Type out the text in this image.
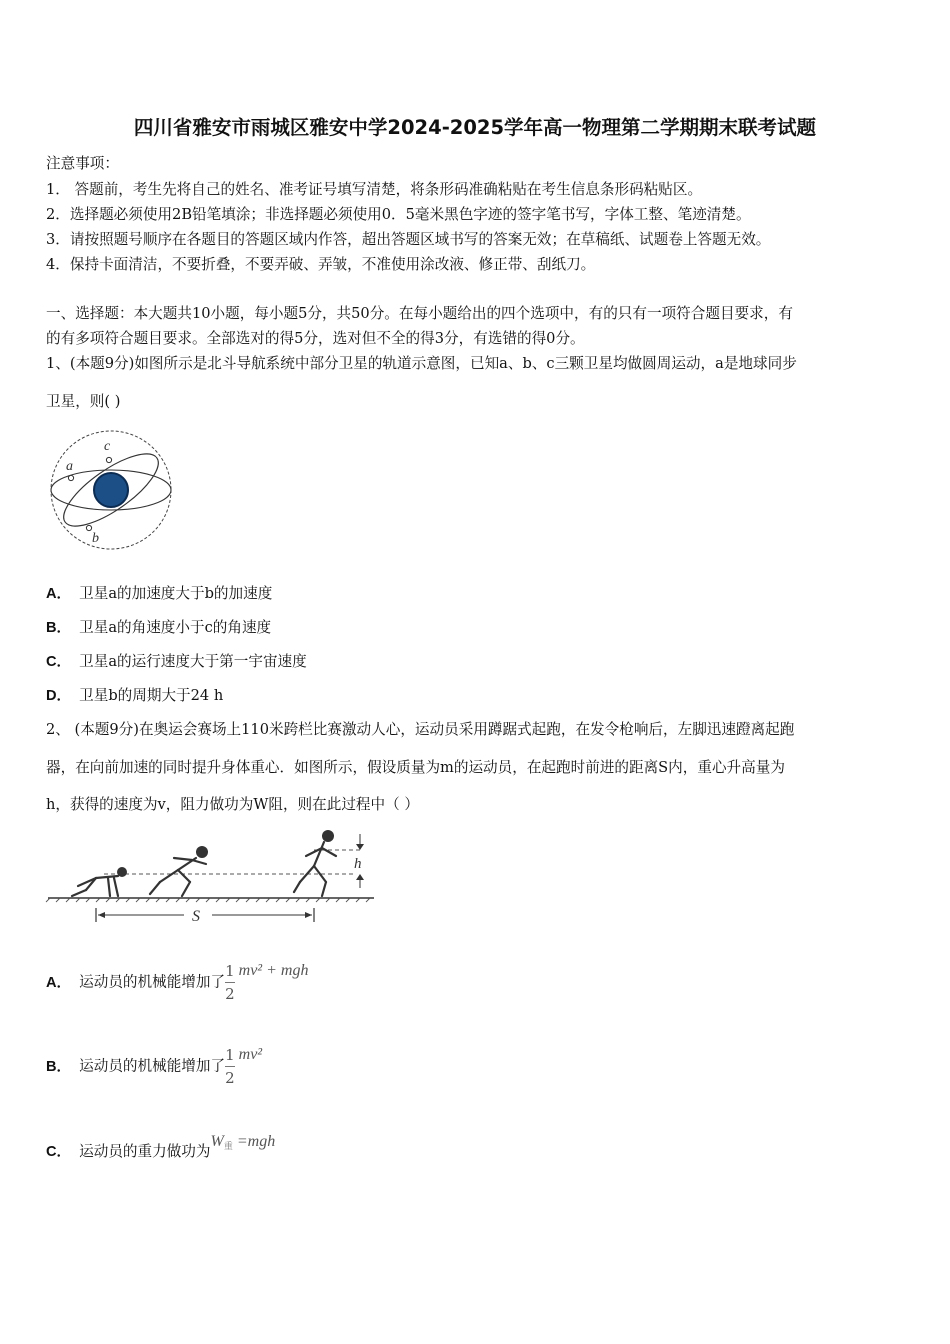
四川省雅安市雨城区雅安中学2024-2025学年高一物理第二学期期末联考试题
注意事项：
1． 答题前，考生先将自己的姓名、准考证号填写清楚，将条形码准确粘贴在考生信息条形码粘贴区。
2．选择题必须使用2B铅笔填涂；非选择题必须使用0．5毫米黑色字迹的签字笔书写，字体工整、笔迹清楚。
3．请按照题号顺序在各题目的答题区域内作答，超出答题区域书写的答案无效；在草稿纸、试题卷上答题无效。
4．保持卡面清洁，不要折叠，不要弄破、弄皱，不准使用涂改液、修正带、刮纸刀。
一、选择题：本大题共10小题，每小题5分，共50分。在每小题给出的四个选项中，有的只有一项符合题目要求，有
的有多项符合题目要求。全部选对的得5分，选对但不全的得3分，有选错的得0分。
1、(本题9分)如图所示是北斗导航系统中部分卫星的轨道示意图，已知a、b、c三颗卫星均做圆周运动，a是地球同步
卫星，则( )
a
b
c
A． 卫星a的加速度大于b的加速度
B． 卫星a的角速度小于c的角速度
C． 卫星a的运行速度大于第一宇宙速度
D． 卫星b的周期大于24 h
2、 (本题9分)在奥运会赛场上110米跨栏比赛激动人心，运动员采用蹲踞式起跑，在发令枪响后，左脚迅速蹬离起跑
器，在向前加速的同时提升身体重心．如图所示，假设质量为m的运动员，在起跑时前进的距离S内，重心升高量为
h，获得的速度为v，阻力做功为W阻，则在此过程中（ ）
h
S
A． 运动员的机械能增加了 $\frac{1}{2} mv^2$ + mgh
B． 运动员的机械能增加了 $\frac{1}{2} mv^2$
C． 运动员的重力做功为$W_重 =mgh$
